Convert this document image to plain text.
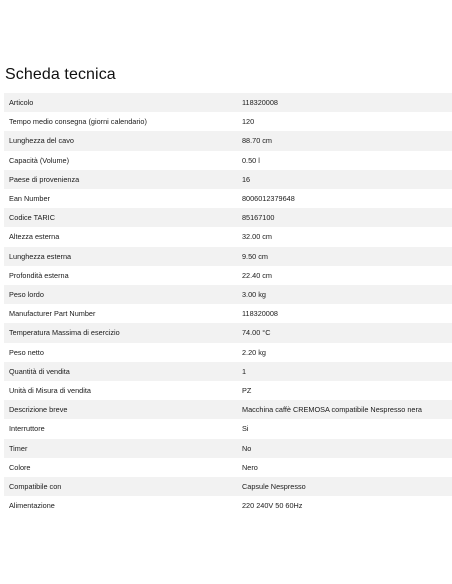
Scheda tecnica
Articolo	118320008
Tempo medio consegna (giorni calendario)	120
Lunghezza del cavo	88.70 cm
Capacità (Volume)	0.50 l
Paese di provenienza	16
Ean Number	8006012379648
Codice TARIC	85167100
Altezza esterna	32.00 cm
Lunghezza esterna	9.50 cm
Profondità esterna	22.40 cm
Peso lordo	3.00 kg
Manufacturer Part Number	118320008
Temperatura Massima di esercizio	74.00 °C
Peso netto	2.20 kg
Quantità di vendita	1
Unità di Misura di vendita	PZ
Descrizione breve	Macchina caffè CREMOSA compatibile Nespresso nera
Interruttore	Si
Timer	No
Colore	Nero
Compatibile con	Capsule Nespresso
Alimentazione	220 240V 50 60Hz
